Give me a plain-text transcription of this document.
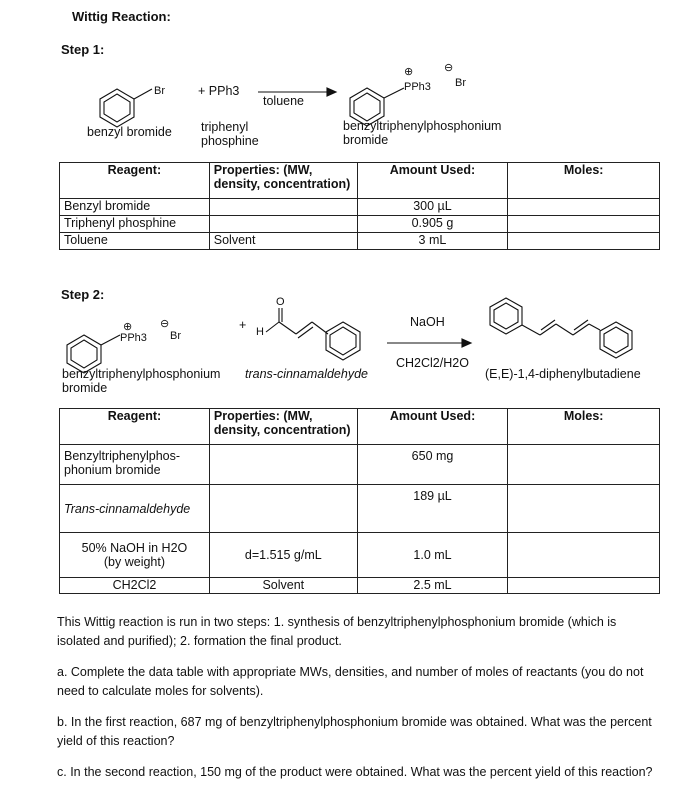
Wittig Reaction:
Step 1:
Br
benzyl bromide
+ PPh3
triphenyl
phosphine
toluene
⊕	⊖
PPh3 Br
benzyltriphenylphosphonium
bromide
Reagent:	Properties: (MW, density, concentration)	Amount Used:	Moles:
Benzyl bromide		300 µL	
Triphenyl phosphine		0.905 g	
Toluene	Solvent	3 mL	
Step 2:
⊕	⊖
PPh3 Br
benzyltriphenylphosphonium
bromide
+ H
O
trans-cinnamaldehyde
NaOH
CH2Cl2/H2O
(E,E)-1,4-diphenylbutadiene
Reagent:	Properties: (MW, density, concentration)	Amount Used:	Moles:
Benzyltriphenylphos-phonium bromide		650 mg	
Trans-cinnamaldehyde		189 µL	
50% NaOH in H2O (by weight)	d=1.515 g/mL	1.0 mL	
CH2Cl2	Solvent	2.5 mL	

This Wittig reaction is run in two steps: 1. synthesis of benzyltriphenylphosphonium bromide (which is isolated and purified); 2. formation the final product.

a. Complete the data table with appropriate MWs, densities, and number of moles of reactants (you do not need to calculate moles for solvents).

b. In the first reaction, 687 mg of benzyltriphenylphosphonium bromide was obtained. What was the percent yield of this reaction?

c. In the second reaction, 150 mg of the product were obtained. What was the percent yield of this reaction?
